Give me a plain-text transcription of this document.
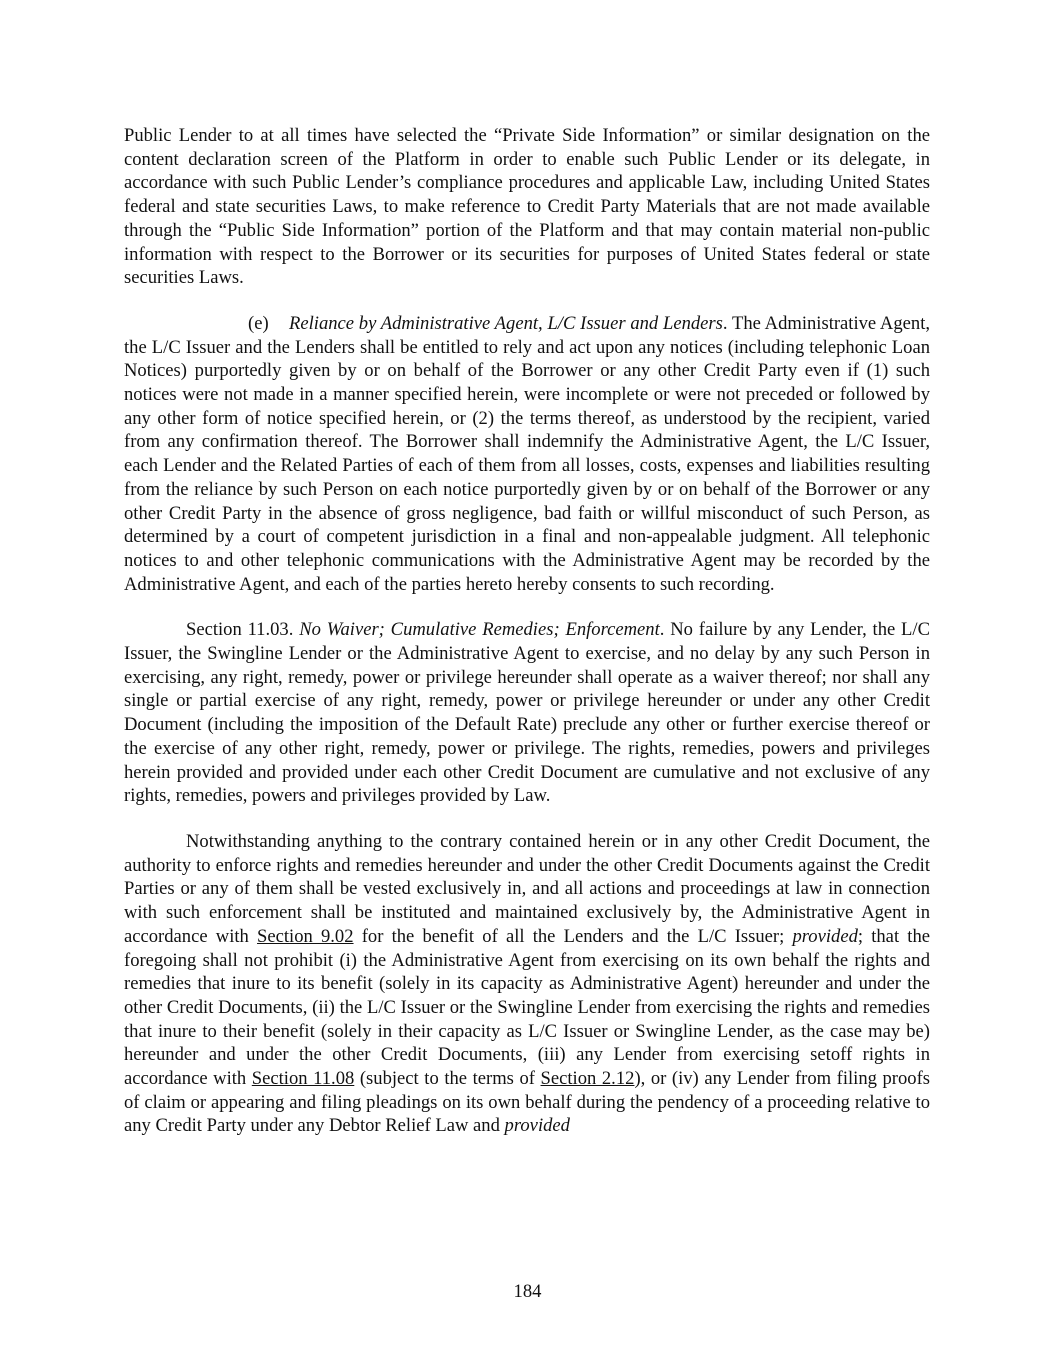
Public Lender to at all times have selected the “Private Side Information” or similar designation on the content declaration screen of the Platform in order to enable such Public Lender or its delegate, in accordance with such Public Lender’s compliance procedures and applicable Law, including United States federal and state securities Laws, to make reference to Credit Party Materials that are not made available through the “Public Side Information” portion of the Platform and that may contain material non-public information with respect to the Borrower or its securities for purposes of United States federal or state securities Laws.

(e) Reliance by Administrative Agent, L/C Issuer and Lenders. The Administrative Agent, the L/C Issuer and the Lenders shall be entitled to rely and act upon any notices (including telephonic Loan Notices) purportedly given by or on behalf of the Borrower or any other Credit Party even if (1) such notices were not made in a manner specified herein, were incomplete or were not preceded or followed by any other form of notice specified herein, or (2) the terms thereof, as understood by the recipient, varied from any confirmation thereof. The Borrower shall indemnify the Administrative Agent, the L/C Issuer, each Lender and the Related Parties of each of them from all losses, costs, expenses and liabilities resulting from the reliance by such Person on each notice purportedly given by or on behalf of the Borrower or any other Credit Party in the absence of gross negligence, bad faith or willful misconduct of such Person, as determined by a court of competent jurisdiction in a final and non-appealable judgment. All telephonic notices to and other telephonic communications with the Administrative Agent may be recorded by the Administrative Agent, and each of the parties hereto hereby consents to such recording.

Section 11.03. No Waiver; Cumulative Remedies; Enforcement. No failure by any Lender, the L/C Issuer, the Swingline Lender or the Administrative Agent to exercise, and no delay by any such Person in exercising, any right, remedy, power or privilege hereunder shall operate as a waiver thereof; nor shall any single or partial exercise of any right, remedy, power or privilege hereunder or under any other Credit Document (including the imposition of the Default Rate) preclude any other or further exercise thereof or the exercise of any other right, remedy, power or privilege. The rights, remedies, powers and privileges herein provided and provided under each other Credit Document are cumulative and not exclusive of any rights, remedies, powers and privileges provided by Law.

Notwithstanding anything to the contrary contained herein or in any other Credit Document, the authority to enforce rights and remedies hereunder and under the other Credit Documents against the Credit Parties or any of them shall be vested exclusively in, and all actions and proceedings at law in connection with such enforcement shall be instituted and maintained exclusively by, the Administrative Agent in accordance with Section 9.02 for the benefit of all the Lenders and the L/C Issuer; provided; that the foregoing shall not prohibit (i) the Administrative Agent from exercising on its own behalf the rights and remedies that inure to its benefit (solely in its capacity as Administrative Agent) hereunder and under the other Credit Documents, (ii) the L/C Issuer or the Swingline Lender from exercising the rights and remedies that inure to their benefit (solely in their capacity as L/C Issuer or Swingline Lender, as the case may be) hereunder and under the other Credit Documents, (iii) any Lender from exercising setoff rights in accordance with Section 11.08 (subject to the terms of Section 2.12), or (iv) any Lender from filing proofs of claim or appearing and filing pleadings on its own behalf during the pendency of a proceeding relative to any Credit Party under any Debtor Relief Law and provided

184
